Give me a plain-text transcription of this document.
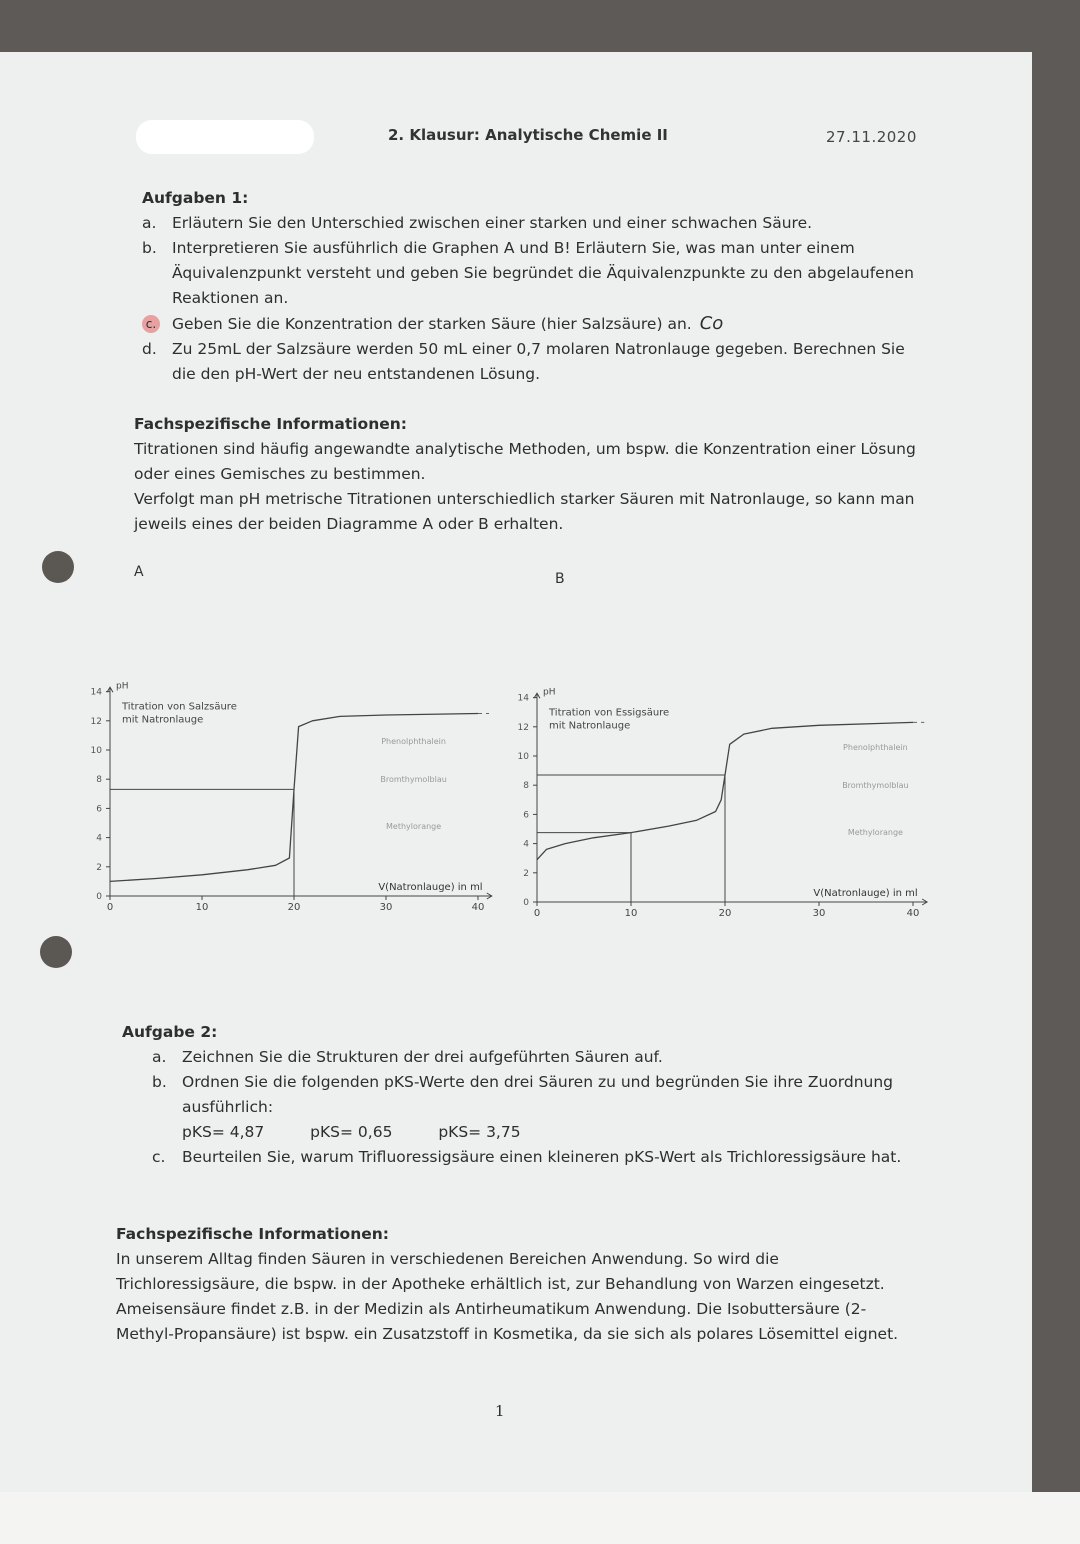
2. Klausur: Analytische Chemie II	27.11.2020
Aufgaben 1:
a. Erläutern Sie den Unterschied zwischen einer starken und einer schwachen Säure.
b. Interpretieren Sie ausführlich die Graphen A und B! Erläutern Sie, was man unter einem Äquivalenzpunkt versteht und geben Sie begründet die Äquivalenzpunkte zu den abgelaufenen Reaktionen an.
c. Geben Sie die Konzentration der starken Säure (hier Salzsäure) an. Co
d. Zu 25mL der Salzsäure werden 50 mL einer 0,7 molaren Natronlauge gegeben. Berechnen Sie die den pH-Wert der neu entstandenen Lösung.
Fachspezifische Informationen:
Titrationen sind häufig angewandte analytische Methoden, um bspw. die Konzentration einer Lösung oder eines Gemisches zu bestimmen.
Verfolgt man pH metrische Titrationen unterschiedlich starker Säuren mit Natronlauge, so kann man jeweils eines der beiden Diagramme A oder B erhalten.
A
0
2
4
6
8
10
12
14
0	10	20	30	40
pH
Titration von Salzsäure
mit Natronlauge
V(Natronlauge) in ml
Phenolphthalein
Bromthymolblau
Methylorange
B
0
2
4
6
8
10
12
14
0	10	20	30	40
pH
Titration von Essigsäure
mit Natronlauge
V(Natronlauge) in ml
Phenolphthalein
Bromthymolblau
Methylorange
Aufgabe 2:
a. Zeichnen Sie die Strukturen der drei aufgeführten Säuren auf.
b. Ordnen Sie die folgenden pKS-Werte den drei Säuren zu und begründen Sie ihre Zuordnung ausführlich:
pKS= 4,87	pKS= 0,65	pKS= 3,75
c. Beurteilen Sie, warum Trifluoressigsäure einen kleineren pKS-Wert als Trichloressigsäure hat.
Fachspezifische Informationen:
In unserem Alltag finden Säuren in verschiedenen Bereichen Anwendung. So wird die Trichloressigsäure, die bspw. in der Apotheke erhältlich ist, zur Behandlung von Warzen eingesetzt. Ameisensäure findet z.B. in der Medizin als Antirheumatikum Anwendung. Die Isobuttersäure (2-Methyl-Propansäure) ist bspw. ein Zusatzstoff in Kosmetika, da sie sich als polares Lösemittel eignet.
1
